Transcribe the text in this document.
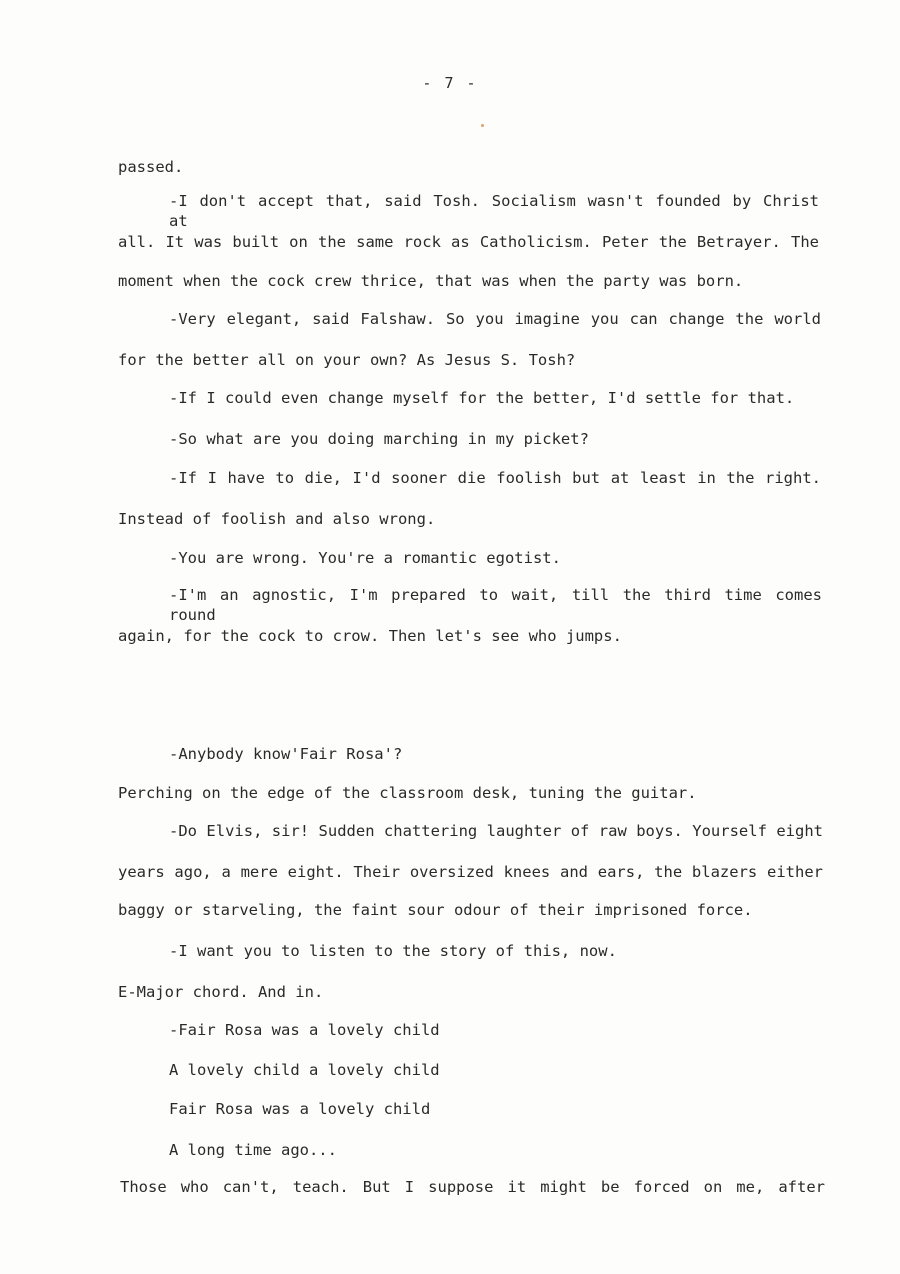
- 7 -
passed.
-I don't accept that, said Tosh. Socialism wasn't founded by Christ at
all. It was built on the same rock as Catholicism. Peter the Betrayer. The
moment when the cock crew thrice, that was when the party was born.
-Very elegant, said Falshaw. So you imagine you can change the world
for the better all on your own? As Jesus S. Tosh?
-If I could even change myself for the better, I'd settle for that.
-So what are you doing marching in my picket?
-If I have to die, I'd sooner die foolish but at least in the right.
Instead of foolish and also wrong.
-You are wrong. You're a romantic egotist.
-I'm an agnostic, I'm prepared to wait, till the third time comes round
again, for the cock to crow. Then let's see who jumps.
-Anybody know'Fair Rosa'?
Perching on the edge of the classroom desk, tuning the guitar.
-Do Elvis, sir! Sudden chattering laughter of raw boys. Yourself eight
years ago, a mere eight. Their oversized knees and ears, the blazers either
baggy or starveling, the faint sour odour of their imprisoned force.
-I want you to listen to the story of this, now.
E-Major chord. And in.
-Fair Rosa was a lovely child
A lovely child a lovely child
Fair Rosa was a lovely child
A long time ago...
Those who can't, teach. But I suppose it might be forced on me, after
